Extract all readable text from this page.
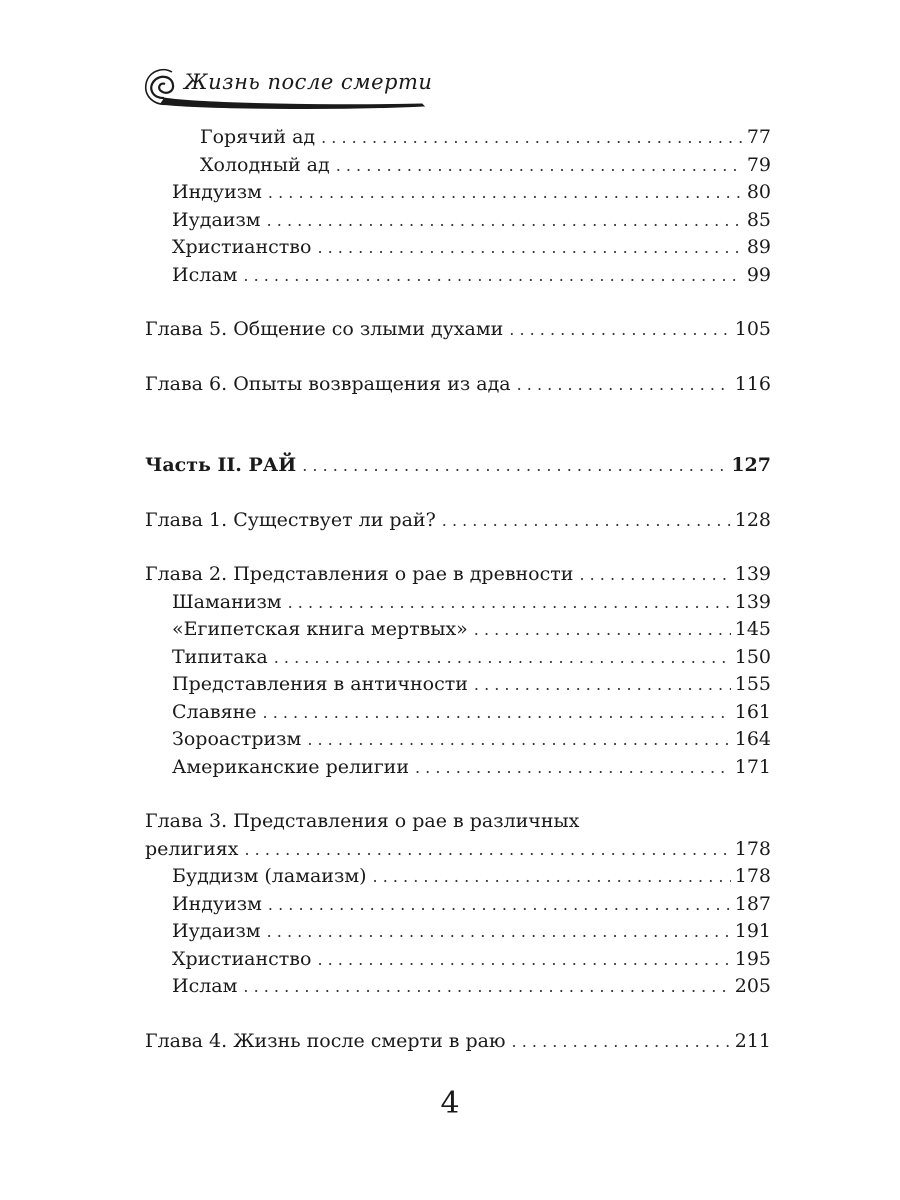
Жизнь после смерти
Горячий ад . . .	77
Холодный ад . . .	79
Индуизм . . .	80
Иудаизм . . .	85
Христианство . . .	89
Ислам . . .	99
Глава 5. Общение со злыми духами . . .	105
Глава 6. Опыты возвращения из ада . . .	116
Часть II. РАЙ . . .	127
Глава 1. Существует ли рай? . . .	128
Глава 2. Представления о рае в древности . . .	139
Шаманизм . . .	139
«Египетская книга мертвых» . . .	145
Типитака . . .	150
Представления в античности . . .	155
Славяне . . .	161
Зороастризм . . .	164
Американские религии . . .	171
Глава 3. Представления о рае в различных
религиях . . .	178
Буддизм (ламаизм) . . .	178
Индуизм . . .	187
Иудаизм . . .	191
Христианство . . .	195
Ислам . . .	205
Глава 4. Жизнь после смерти в раю . . .	211
4
